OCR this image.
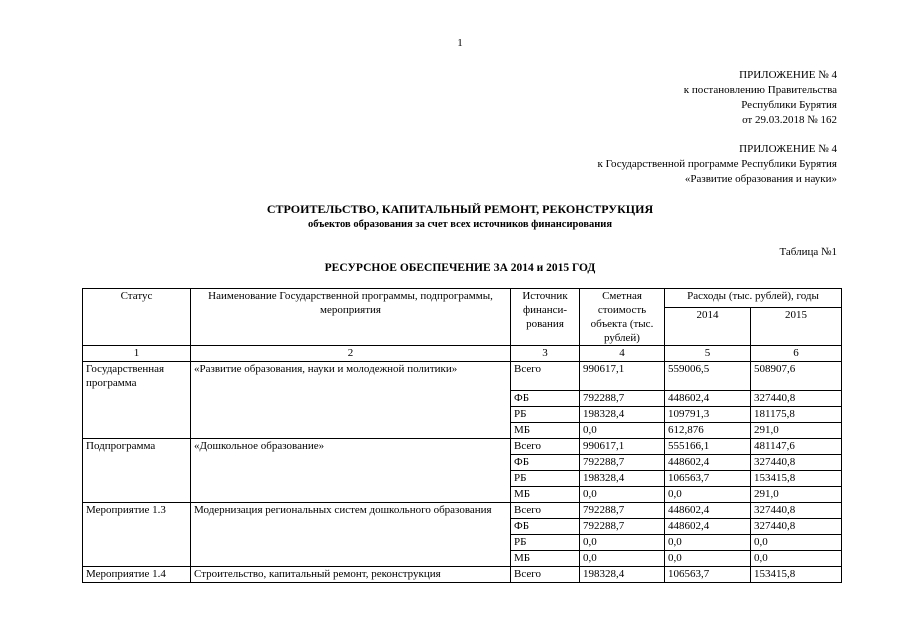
1
ПРИЛОЖЕНИЕ № 4
к постановлению Правительства
Республики Бурятия
от 29.03.2018 № 162
ПРИЛОЖЕНИЕ № 4
к Государственной программе Республики Бурятия
«Развитие образования и науки»
СТРОИТЕЛЬСТВО, КАПИТАЛЬНЫЙ РЕМОНТ, РЕКОНСТРУКЦИЯ
объектов образования за счет всех источников финансирования
Таблица №1
РЕСУРСНОЕ ОБЕСПЕЧЕНИЕ ЗА 2014 и 2015 ГОД
Статус	Наименование Государственной программы, подпрограммы, мероприятия	Источник финанси-рования	Сметная стоимость объекта (тыс. рублей)	Расходы (тыс. рублей), годы	
				2014	2015
1	2	3	4	5	6
Государственная программа	«Развитие образования, науки и молодежной политики»	Всего	990617,1	559006,5	508907,6
		ФБ	792288,7	448602,4	327440,8
		РБ	198328,4	109791,3	181175,8
		МБ	0,0	612,876	291,0
Подпрограмма	«Дошкольное образование»	Всего	990617,1	555166,1	481147,6
		ФБ	792288,7	448602,4	327440,8
		РБ	198328,4	106563,7	153415,8
		МБ	0,0	0,0	291,0
Мероприятие 1.3	Модернизация региональных систем дошкольного образования	Всего	792288,7	448602,4	327440,8
		ФБ	792288,7	448602,4	327440,8
		РБ	0,0	0,0	0,0
		МБ	0,0	0,0	0,0
Мероприятие 1.4	Строительство, капитальный ремонт, реконструкция	Всего	198328,4	106563,7	153415,8
